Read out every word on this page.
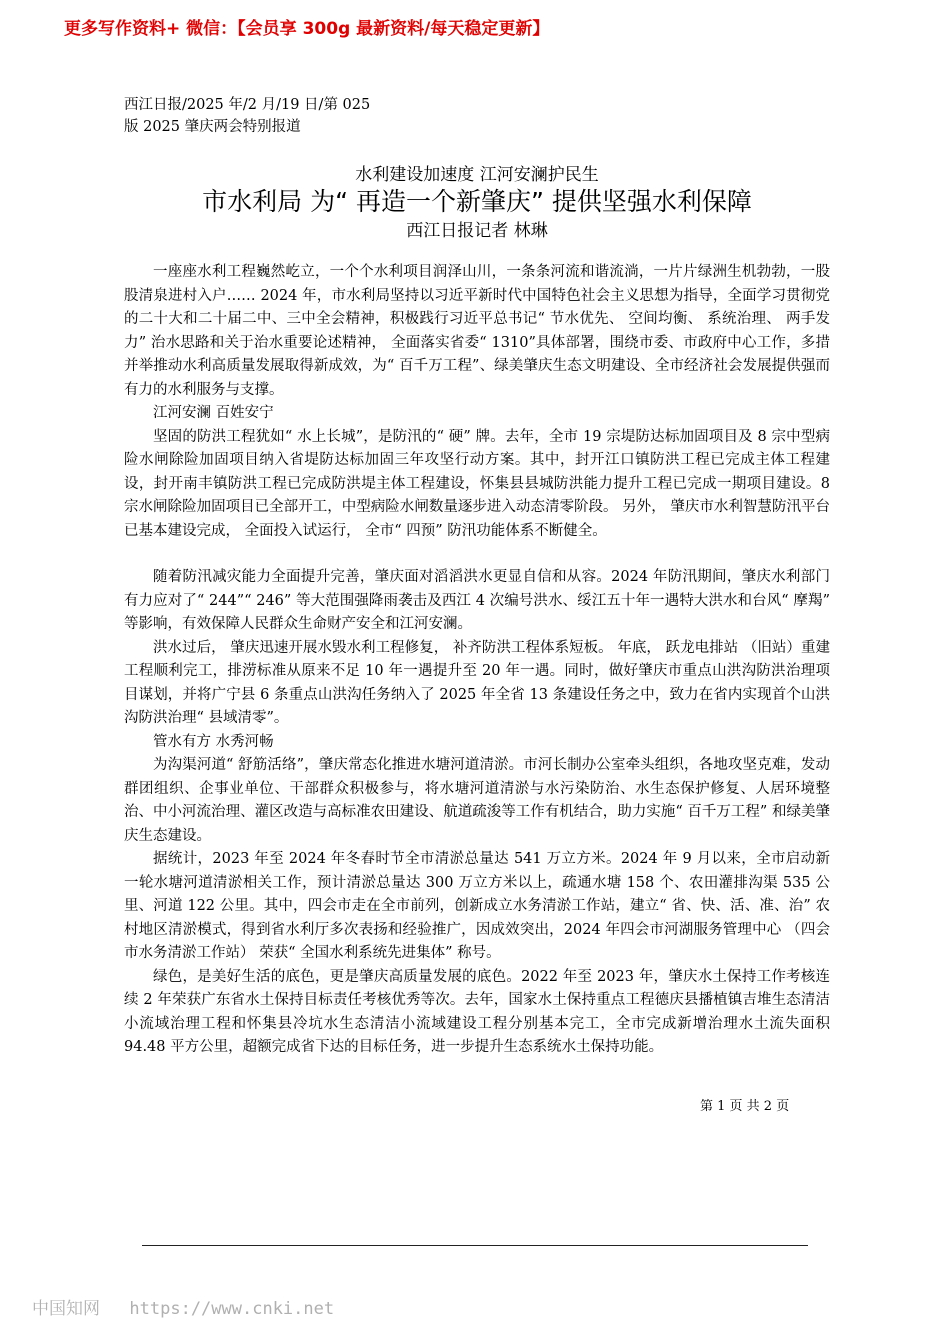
更多写作资料+ 微信：【会员享 300g 最新资料/每天稳定更新】
西江日报/2025 年/2 月/19 日/第 025
版 2025 肇庆两会特别报道
水利建设加速度 江河安澜护民生
市水利局 为“ 再造一个新肇庆” 提供坚强水利保障
西江日报记者 林琳

一座座水利工程巍然屹立，一个个水利项目润泽山川，一条条河流和谐流淌，一片片绿洲生机勃勃，一股股清泉进村入户…… 2024 年，市水利局坚持以习近平新时代中国特色社会主义思想为指导，全面学习贯彻党的二十大和二十届二中、三中全会精神，积极践行习近平总书记“ 节水优先、 空间均衡、 系统治理、 两手发力” 治水思路和关于治水重要论述精神， 全面落实省委“ 1310”具体部署，围绕市委、市政府中心工作，多措并举推动水利高质量发展取得新成效，为“ 百千万工程”、绿美肇庆生态文明建设、全市经济社会发展提供强而有力的水利服务与支撑。

江河安澜 百姓安宁

坚固的防洪工程犹如“ 水上长城”，是防汛的“ 硬” 牌。去年，全市 19 宗堤防达标加固项目及 8 宗中型病险水闸除险加固项目纳入省堤防达标加固三年攻坚行动方案。其中，封开江口镇防洪工程已完成主体工程建设，封开南丰镇防洪工程已完成防洪堤主体工程建设，怀集县县城防洪能力提升工程已完成一期项目建设。8 宗水闸除险加固项目已全部开工，中型病险水闸数量逐步进入动态清零阶段。 另外， 肇庆市水利智慧防汛平台已基本建设完成， 全面投入试运行， 全市“ 四预” 防汛功能体系不断健全。

随着防汛减灾能力全面提升完善，肇庆面对滔滔洪水更显自信和从容。2024 年防汛期间，肇庆水利部门有力应对了“ 244”“ 246” 等大范围强降雨袭击及西江 4 次编号洪水、绥江五十年一遇特大洪水和台风“ 摩羯” 等影响，有效保障人民群众生命财产安全和江河安澜。

洪水过后， 肇庆迅速开展水毁水利工程修复， 补齐防洪工程体系短板。 年底， 跃龙电排站 （旧站）重建工程顺利完工，排涝标准从原来不足 10 年一遇提升至 20 年一遇。同时，做好肇庆市重点山洪沟防洪治理项目谋划，并将广宁县 6 条重点山洪沟任务纳入了 2025 年全省 13 条建设任务之中，致力在省内实现首个山洪沟防洪治理“ 县域清零”。

管水有方 水秀河畅

为沟渠河道“ 舒筋活络”，肇庆常态化推进水塘河道清淤。市河长制办公室牵头组织，各地攻坚克难，发动群团组织、企事业单位、干部群众积极参与，将水塘河道清淤与水污染防治、水生态保护修复、人居环境整治、中小河流治理、灌区改造与高标准农田建设、航道疏浚等工作有机结合，助力实施“ 百千万工程” 和绿美肇庆生态建设。

据统计，2023 年至 2024 年冬春时节全市清淤总量达 541 万立方米。2024 年 9 月以来，全市启动新一轮水塘河道清淤相关工作，预计清淤总量达 300 万立方米以上，疏通水塘 158 个、农田灌排沟渠 535 公里、河道 122 公里。其中，四会市走在全市前列，创新成立水务清淤工作站，建立“ 省、快、活、准、治” 农村地区清淤模式，得到省水利厅多次表扬和经验推广，因成效突出，2024 年四会市河湖服务管理中心 （四会市水务清淤工作站） 荣获“ 全国水利系统先进集体” 称号。

绿色，是美好生活的底色，更是肇庆高质量发展的底色。2022 年至 2023 年，肇庆水土保持工作考核连续 2 年荣获广东省水土保持目标责任考核优秀等次。去年，国家水土保持重点工程德庆县播植镇吉堆生态清洁小流域治理工程和怀集县冷坑水生态清洁小流域建设工程分别基本完工，全市完成新增治理水土流失面积 94.48 平方公里，超额完成省下达的目标任务，进一步提升生态系统水土保持功能。

第 1 页 共 2 页
中国知网 https://www.cnki.net
